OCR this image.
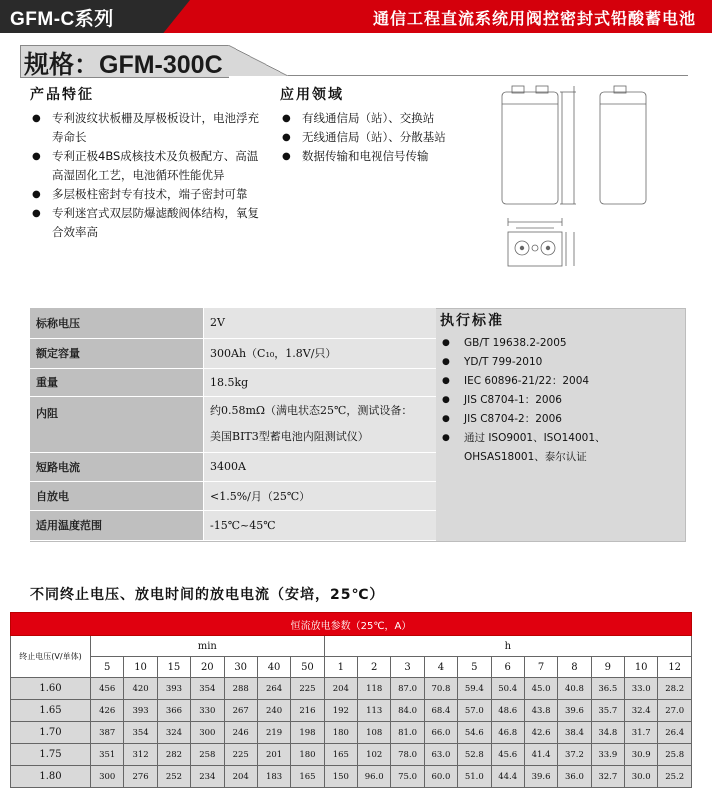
GFM-C系列	通信工程直流系统用阀控密封式铅酸蓄电池
规格：GFM-300C
产品特征
● 专利波纹状板栅及厚极板设计，电池浮充寿命长
● 专利正极4BS成核技术及负极配方、高温高湿固化工艺，电池循环性能优异
● 多层极柱密封专有技术，端子密封可靠
● 专利迷宫式双层防爆滤酸阀体结构，氧复合效率高
应用领域
● 有线通信局（站）、交换站
● 无线通信局（站）、分散基站
● 数据传输和电视信号传输
标称电压	2V
额定容量	300Ah（C₁₀，1.8V/只）
重量	18.5kg
内阻	约0.58mΩ（满电状态25℃，测试设备：
美国BIT3型蓄电池内阻测试仪）

短路电流	3400A
自放电	<1.5%/月（25℃）
适用温度范围	-15℃~45℃
执行标准
● GB/T 19638.2-2005
● YD/T 799-2010
● IEC 60896-21/22：2004
● JIS C8704-1：2006
● JIS C8704-2：2006
● 通过 ISO9001、ISO14001、OHSAS18001、泰尔认证
不同终止电压、放电时间的放电电流（安培，25℃）
恒流放电参数（25℃，A）																		
终止电压(V/单体)	min							h										
	5	10	15	20	30	40	50	1	2	3	4	5	6	7	8	9	10	12
1.60	456	420	393	354	288	264	225	204	118	87.0	70.8	59.4	50.4	45.0	40.8	36.5	33.0	28.2
1.65	426	393	366	330	267	240	216	192	113	84.0	68.4	57.0	48.6	43.8	39.6	35.7	32.4	27.0
1.70	387	354	324	300	246	219	198	180	108	81.0	66.0	54.6	46.8	42.6	38.4	34.8	31.7	26.4
1.75	351	312	282	258	225	201	180	165	102	78.0	63.0	52.8	45.6	41.4	37.2	33.9	30.9	25.8
1.80	300	276	252	234	204	183	165	150	96.0	75.0	60.0	51.0	44.4	39.6	36.0	32.7	30.0	25.2
